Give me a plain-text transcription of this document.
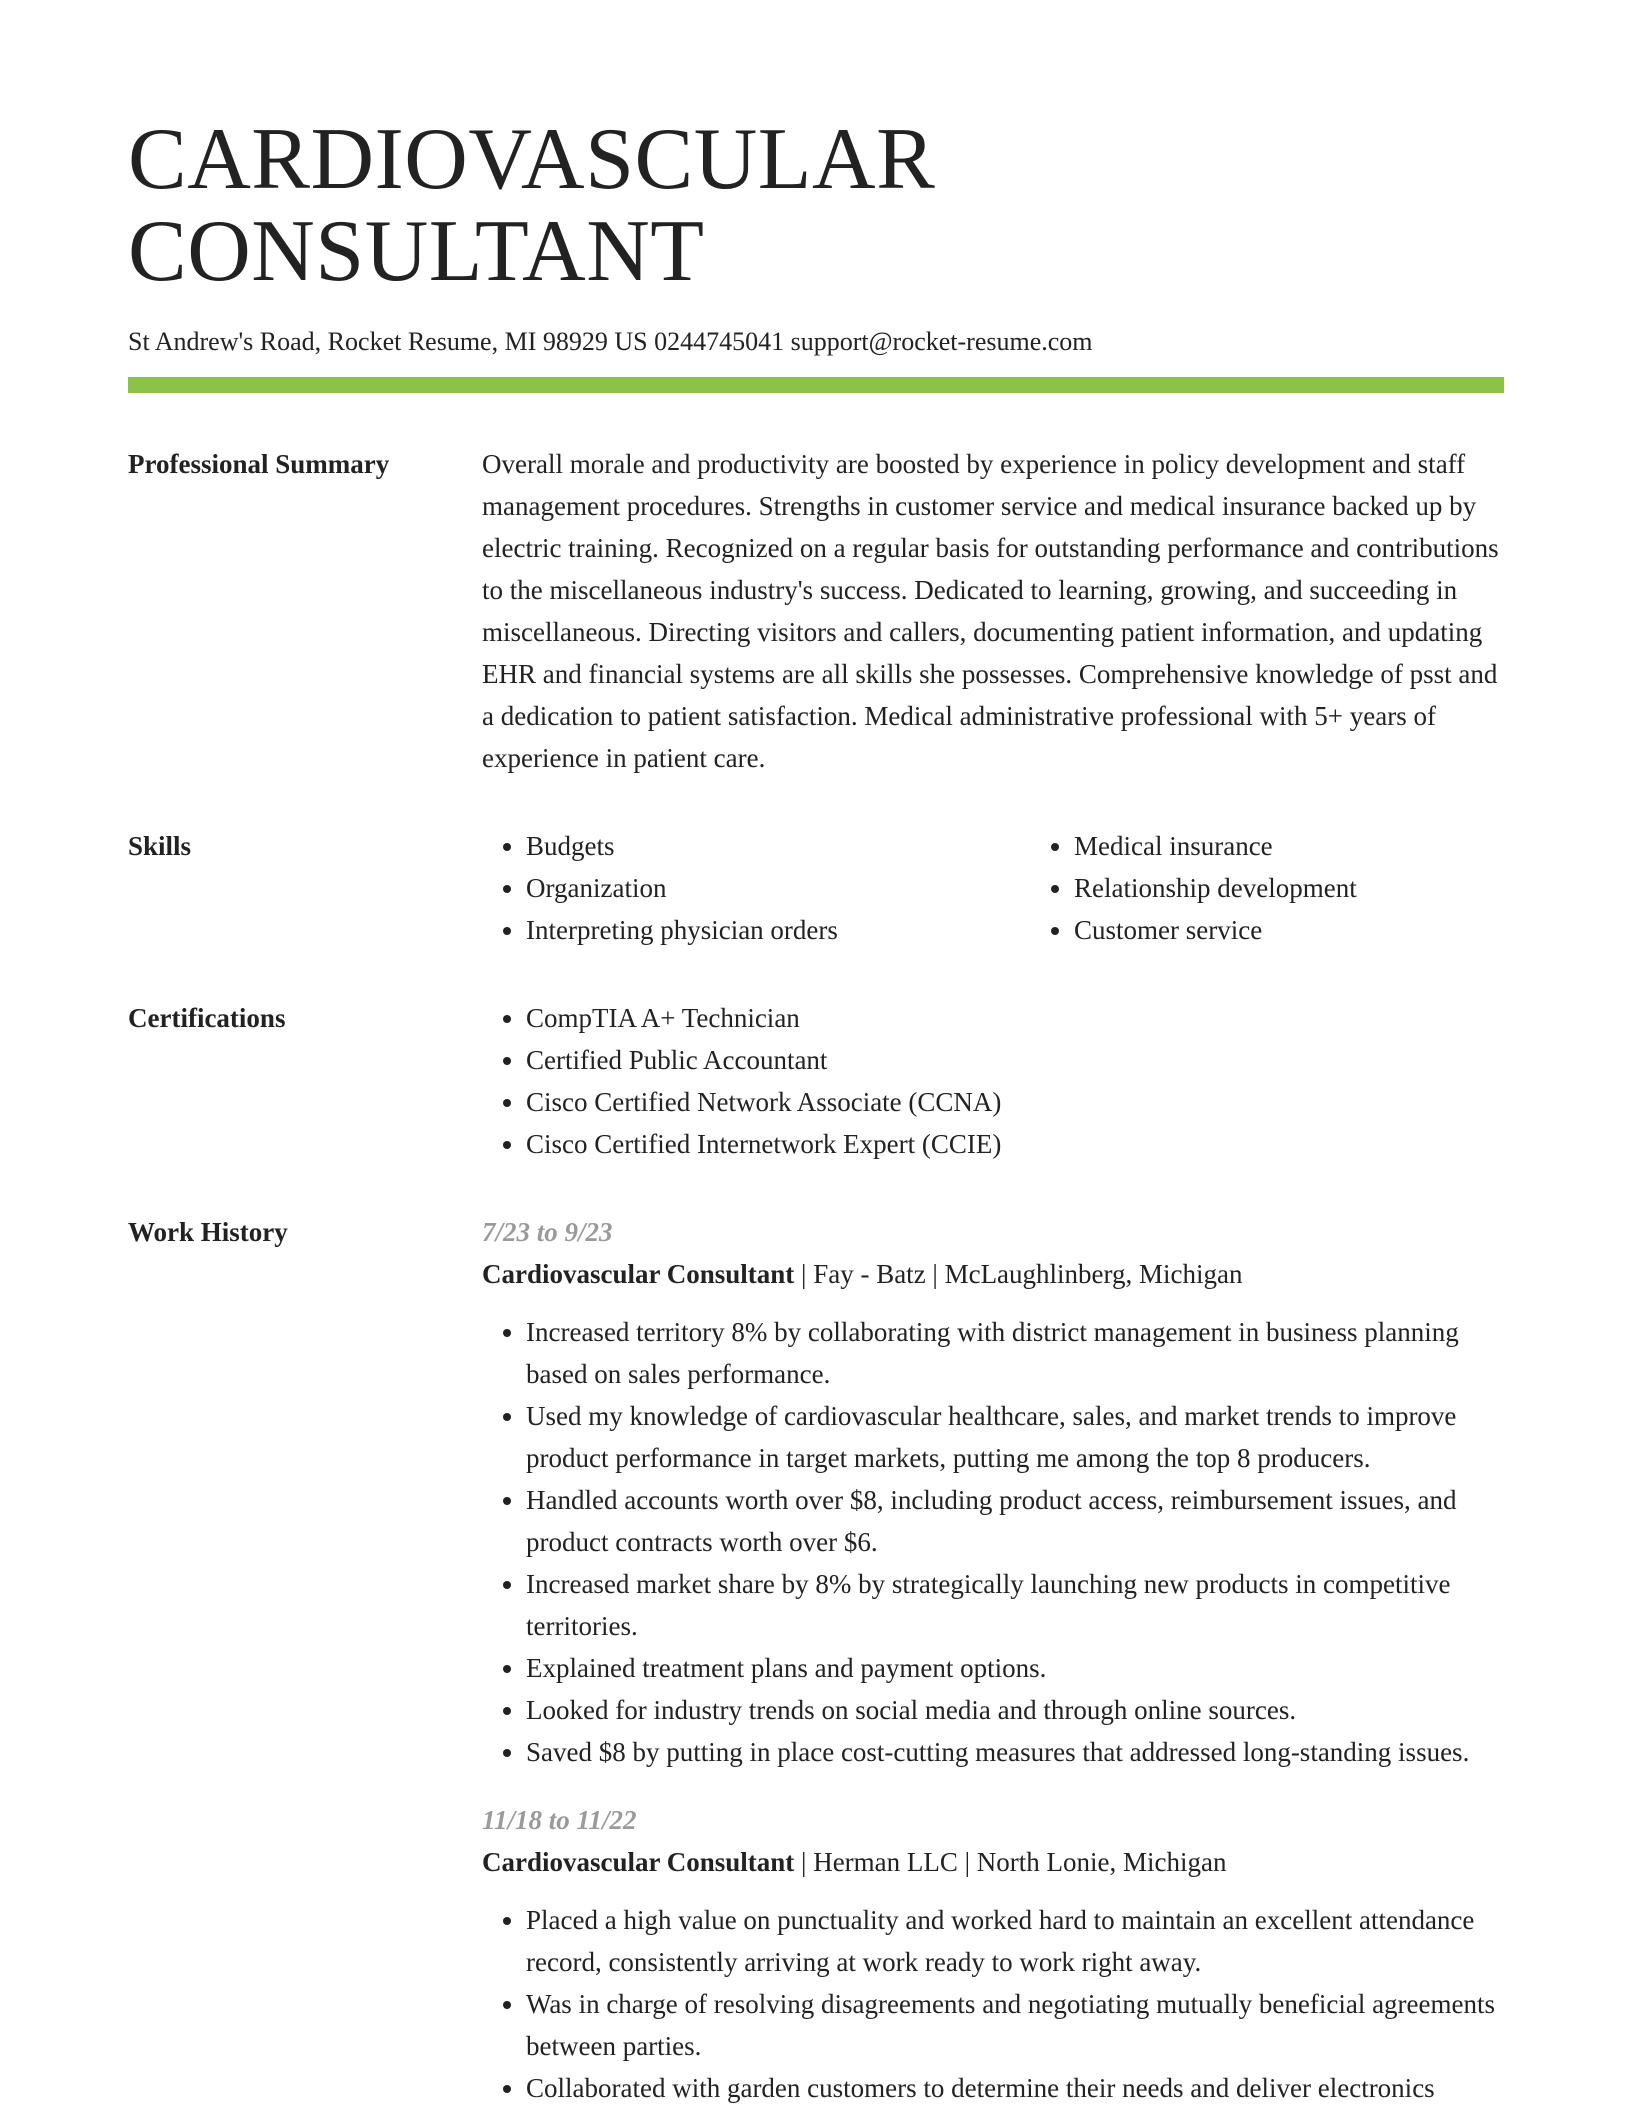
CARDIOVASCULAR CONSULTANT

St Andrew's Road, Rocket Resume, MI 98929 US 0244745041 support@rocket-resume.com

Professional Summary	Overall morale and productivity are boosted by experience in policy development and staff management procedures. Strengths in customer service and medical insurance backed up by electric training. Recognized on a regular basis for outstanding performance and contributions to the miscellaneous industry's success. Dedicated to learning, growing, and succeeding in miscellaneous. Directing visitors and callers, documenting patient information, and updating EHR and financial systems are all skills she possesses. Comprehensive knowledge of psst and a dedication to patient satisfaction. Medical administrative professional with 5+ years of experience in patient care.

Skills	• Budgets
• Organization
• Interpreting physician orders
• Medical insurance
• Relationship development
• Customer service
Certifications	• CompTIA A+ Technician
• Certified Public Accountant
• Cisco Certified Network Associate (CCNA)
• Cisco Certified Internetwork Expert (CCIE)
Work History	7/23 to 9/23
Cardiovascular Consultant | Fay - Batz | McLaughlinberg, Michigan
• Increased territory 8% by collaborating with district management in business planning based on sales performance.
• Used my knowledge of cardiovascular healthcare, sales, and market trends to improve product performance in target markets, putting me among the top 8 producers.
• Handled accounts worth over $8, including product access, reimbursement issues, and product contracts worth over $6.
• Increased market share by 8% by strategically launching new products in competitive territories.
• Explained treatment plans and payment options.
• Looked for industry trends on social media and through online sources.
• Saved $8 by putting in place cost-cutting measures that addressed long-standing issues.
11/18 to 11/22
Cardiovascular Consultant | Herman LLC | North Lonie, Michigan
• Placed a high value on punctuality and worked hard to maintain an excellent attendance record, consistently arriving at work ready to work right away.
• Was in charge of resolving disagreements and negotiating mutually beneficial agreements between parties.
• Collaborated with garden customers to determine their needs and deliver electronics
